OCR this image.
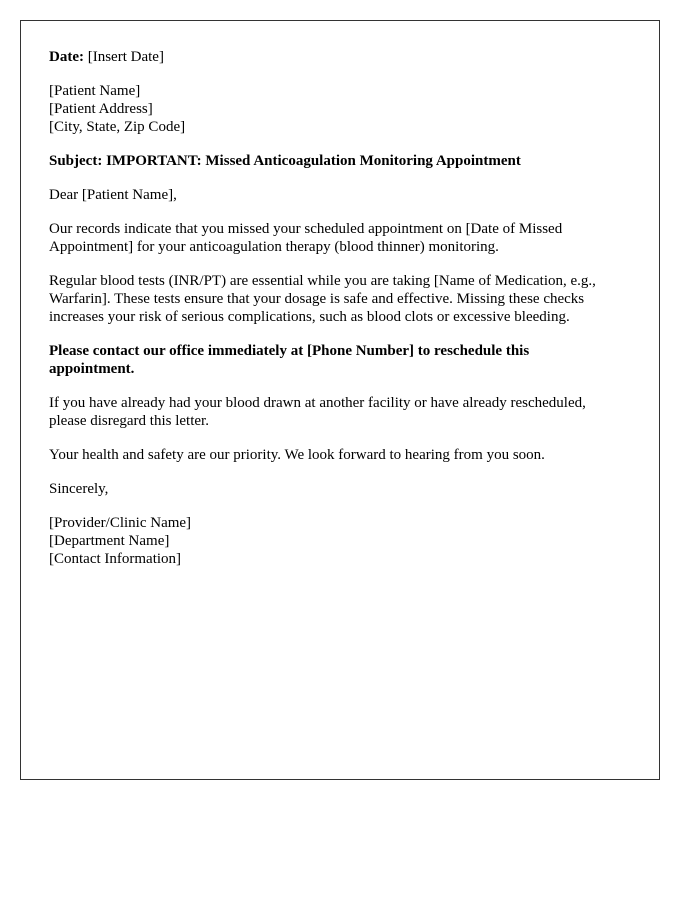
Date: [Insert Date]

[Patient Name]
[Patient Address]
[City, State, Zip Code]

Subject: IMPORTANT: Missed Anticoagulation Monitoring Appointment

Dear [Patient Name],

Our records indicate that you missed your scheduled appointment on [Date of Missed
Appointment] for your anticoagulation therapy (blood thinner) monitoring.

Regular blood tests (INR/PT) are essential while you are taking [Name of Medication, e.g.,
Warfarin]. These tests ensure that your dosage is safe and effective. Missing these checks
increases your risk of serious complications, such as blood clots or excessive bleeding.

Please contact our office immediately at [Phone Number] to reschedule this
appointment.

If you have already had your blood drawn at another facility or have already rescheduled,
please disregard this letter.

Your health and safety are our priority. We look forward to hearing from you soon.

Sincerely,

[Provider/Clinic Name]
[Department Name]
[Contact Information]
